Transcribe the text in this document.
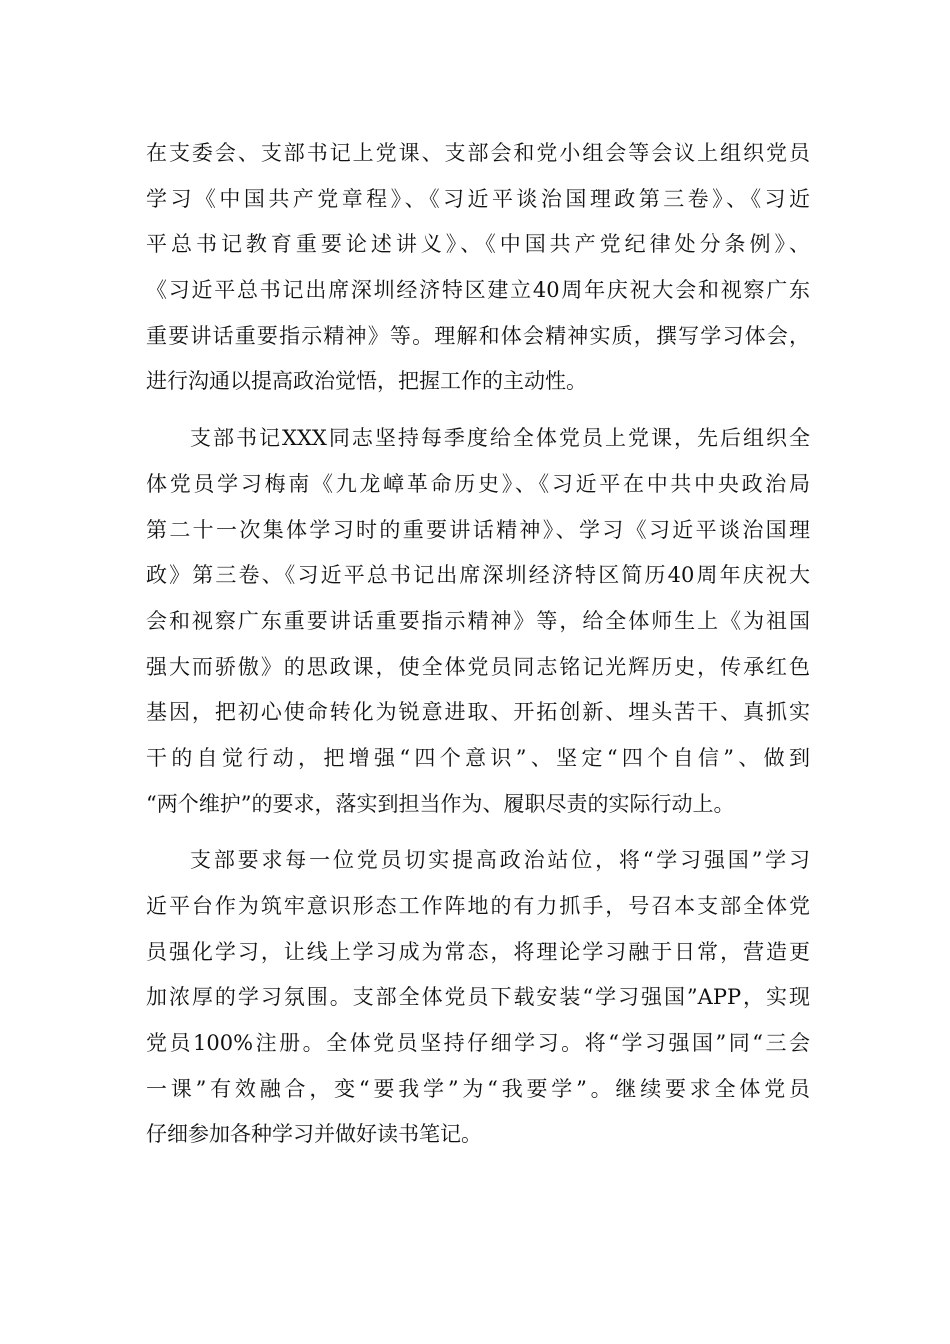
在支委会、支部书记上党课、支部会和党小组会等会议上组织党员
学习《中国共产党章程》、《习近平谈治国理政第三卷》、《习近
平总书记教育重要论述讲义》、《中国共产党纪律处分条例》、
《习近平总书记出席深圳经济特区建立40周年庆祝大会和视察广东
重要讲话重要指示精神》等。理解和体会精神实质，撰写学习体会，
进行沟通以提高政治觉悟，把握工作的主动性。
支部书记XXX同志坚持每季度给全体党员上党课，先后组织全
体党员学习梅南《九龙嶂革命历史》、《习近平在中共中央政治局
第二十一次集体学习时的重要讲话精神》、学习《习近平谈治国理
政》第三卷、《习近平总书记出席深圳经济特区简历40周年庆祝大
会和视察广东重要讲话重要指示精神》等，给全体师生上《为祖国
强大而骄傲》的思政课，使全体党员同志铭记光辉历史，传承红色
基因，把初心使命转化为锐意进取、开拓创新、埋头苦干、真抓实
干的自觉行动，把增强“四个意识”、坚定“四个自信”、做到
“两个维护”的要求，落实到担当作为、履职尽责的实际行动上。
支部要求每一位党员切实提高政治站位，将“学习强国”学习
近平台作为筑牢意识形态工作阵地的有力抓手，号召本支部全体党
员强化学习，让线上学习成为常态，将理论学习融于日常，营造更
加浓厚的学习氛围。支部全体党员下载安装“学习强国”APP，实现
党员100%注册。全体党员坚持仔细学习。将“学习强国”同“三会
一课”有效融合，变“要我学”为“我要学”。继续要求全体党员
仔细参加各种学习并做好读书笔记。
